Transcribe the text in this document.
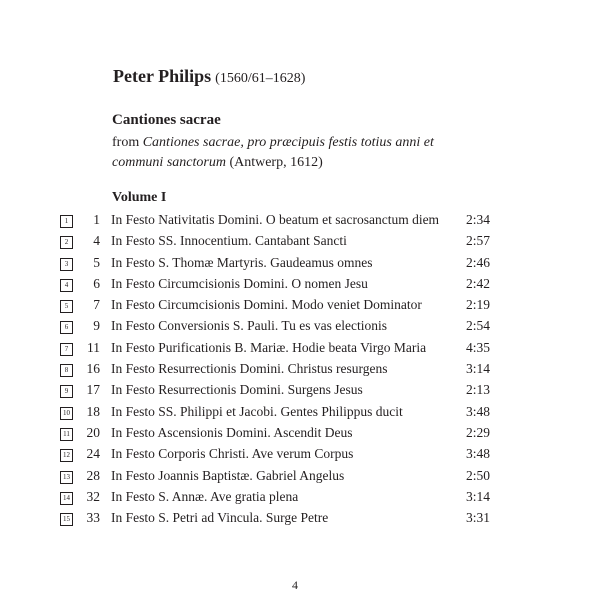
Peter Philips (1560/61–1628)
Cantiones sacrae
from Cantiones sacrae, pro præcipuis festis totius anni et communi sanctorum (Antwerp, 1612)
Volume I
1	1 In Festo Nativitatis Domini. O beatum et sacrosanctum diem	2:34
2	4 In Festo SS. Innocentium. Cantabant Sancti	2:57
3	5 In Festo S. Thomæ Martyris. Gaudeamus omnes	2:46
4	6 In Festo Circumcisionis Domini. O nomen Jesu	2:42
5	7 In Festo Circumcisionis Domini. Modo veniet Dominator	2:19
6	9 In Festo Conversionis S. Pauli. Tu es vas electionis	2:54
7	11 In Festo Purificationis B. Mariæ. Hodie beata Virgo Maria	4:35
8	16 In Festo Resurrectionis Domini. Christus resurgens	3:14
9	17 In Festo Resurrectionis Domini. Surgens Jesus	2:13
10	18 In Festo SS. Philippi et Jacobi. Gentes Philippus ducit	3:48
11	20 In Festo Ascensionis Domini. Ascendit Deus	2:29
12	24 In Festo Corporis Christi. Ave verum Corpus	3:48
13	28 In Festo Joannis Baptistæ. Gabriel Angelus	2:50
14	32 In Festo S. Annæ. Ave gratia plena	3:14
15	33 In Festo S. Petri ad Vincula. Surge Petre	3:31
4
